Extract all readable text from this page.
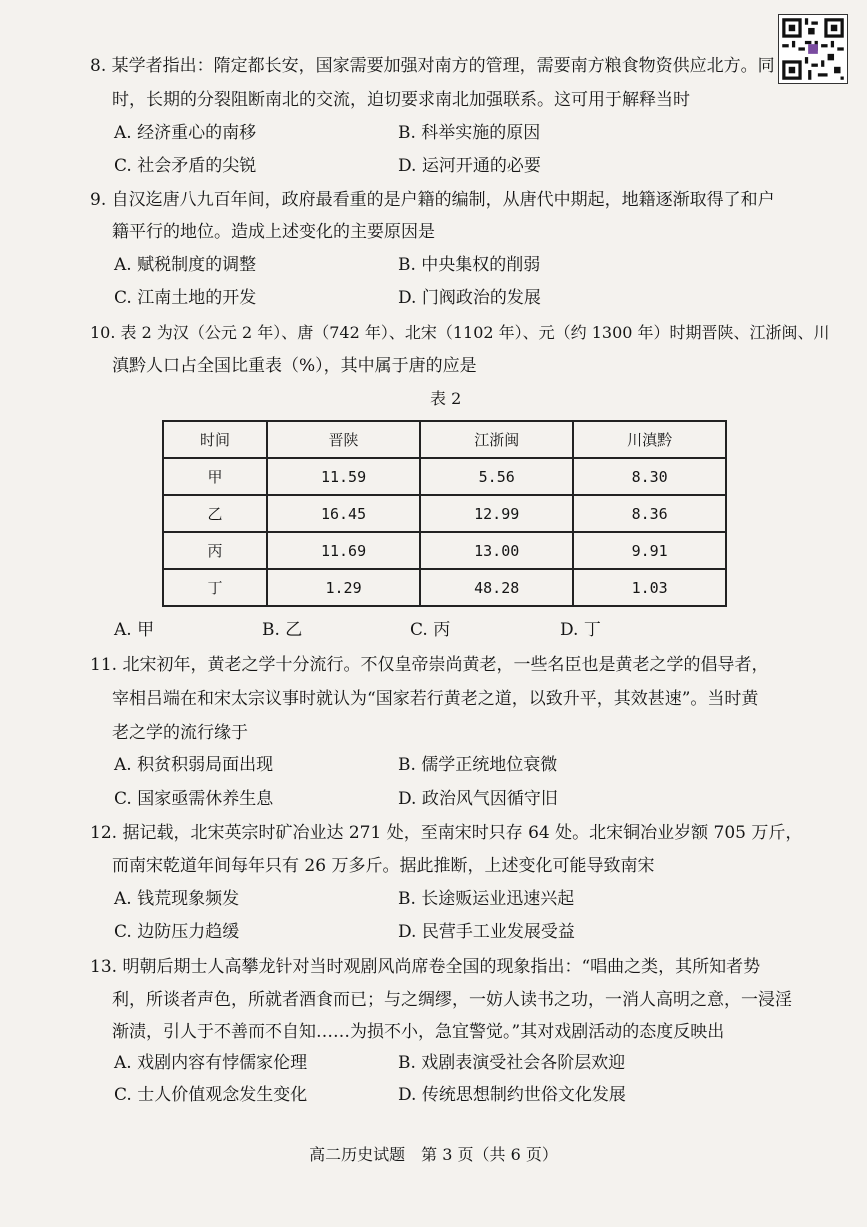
8. 某学者指出：隋定都长安，国家需要加强对南方的管理，需要南方粮食物资供应北方。同
时，长期的分裂阻断南北的交流，迫切要求南北加强联系。这可用于解释当时
A. 经济重心的南移	B. 科举实施的原因
C. 社会矛盾的尖锐	D. 运河开通的必要
9. 自汉迄唐八九百年间，政府最看重的是户籍的编制，从唐代中期起，地籍逐渐取得了和户
籍平行的地位。造成上述变化的主要原因是
A. 赋税制度的调整	B. 中央集权的削弱
C. 江南土地的开发	D. 门阀政治的发展
10. 表 2 为汉（公元 2 年）、唐（742 年）、北宋（1102 年）、元（约 1300 年）时期晋陕、江浙闽、川
滇黔人口占全国比重表（%），其中属于唐的应是
表 2
时间	晋陕	江浙闽	川滇黔
甲	11.59	5.56	8.30
乙	16.45	12.99	8.36
丙	11.69	13.00	9.91
丁	1.29	48.28	1.03
A. 甲	B. 乙	C. 丙	D. 丁
11. 北宋初年，黄老之学十分流行。不仅皇帝崇尚黄老，一些名臣也是黄老之学的倡导者，
宰相吕端在和宋太宗议事时就认为“国家若行黄老之道，以致升平，其效甚速”。当时黄
老之学的流行缘于
A. 积贫积弱局面出现	B. 儒学正统地位衰微
C. 国家亟需休养生息	D. 政治风气因循守旧
12. 据记载，北宋英宗时矿冶业达 271 处，至南宋时只存 64 处。北宋铜冶业岁额 705 万斤，
而南宋乾道年间每年只有 26 万多斤。据此推断，上述变化可能导致南宋
A. 钱荒现象频发	B. 长途贩运业迅速兴起
C. 边防压力趋缓	D. 民营手工业发展受益
13. 明朝后期士人高攀龙针对当时观剧风尚席卷全国的现象指出：“唱曲之类，其所知者势
利，所谈者声色，所就者酒食而已；与之绸缪，一妨人读书之功，一消人高明之意，一浸淫
渐渍，引人于不善而不自知……为损不小，急宜警觉。”其对戏剧活动的态度反映出
A. 戏剧内容有悖儒家伦理	B. 戏剧表演受社会各阶层欢迎
C. 士人价值观念发生变化	D. 传统思想制约世俗文化发展
高二历史试题　第 3 页（共 6 页）
